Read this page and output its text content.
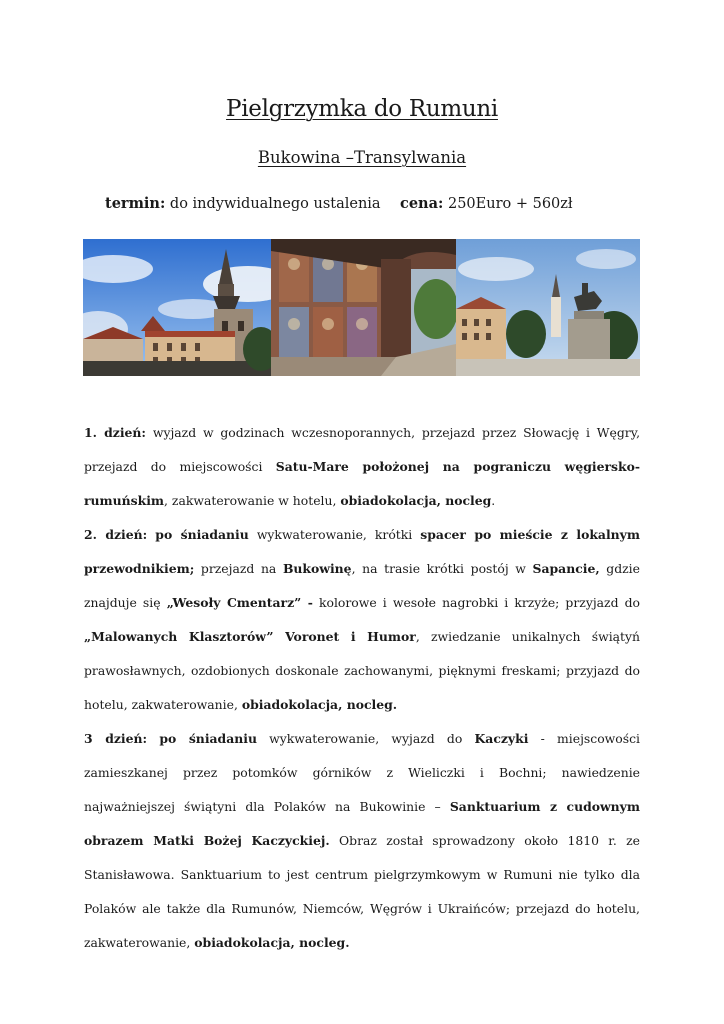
Pielgrzymka do Rumuni
Bukowina –Transylwania
termin: do indywidualnego ustalenia cena: 250Euro + 560zł

1. dzień: wyjazd w godzinach wczesnoporannych, przejazd przez Słowację i Węgry, przejazd do miejscowości Satu-Mare położonej na pograniczu węgiersko-rumuńskim, zakwaterowanie w hotelu, obiadokolacja, nocleg.

2. dzień: po śniadaniu wykwaterowanie, krótki spacer po mieście z lokalnym przewodnikiem; przejazd na Bukowinę, na trasie krótki postój w Sapancie, gdzie znajduje się „Wesoły Cmentarz” - kolorowe i wesołe nagrobki i krzyże; przyjazd do „Malowanych Klasztorów” Voronet i Humor, zwiedzanie unikalnych świątyń prawosławnych, ozdobionych doskonale zachowanymi, pięknymi freskami; przyjazd do hotelu, zakwaterowanie, obiadokolacja, nocleg.

3 dzień: po śniadaniu wykwaterowanie, wyjazd do Kaczyki - miejscowości zamieszkanej przez potomków górników z Wieliczki i Bochni; nawiedzenie najważniejszej świątyni dla Polaków na Bukowinie – Sanktuarium z cudownym obrazem Matki Bożej Kaczyckiej. Obraz został sprowadzony około 1810 r. ze Stanisławowa. Sanktuarium to jest centrum pielgrzymkowym w Rumuni nie tylko dla Polaków ale także dla Rumunów, Niemców, Węgrów i Ukraińców; przejazd do hotelu, zakwaterowanie, obiadokolacja, nocleg.
